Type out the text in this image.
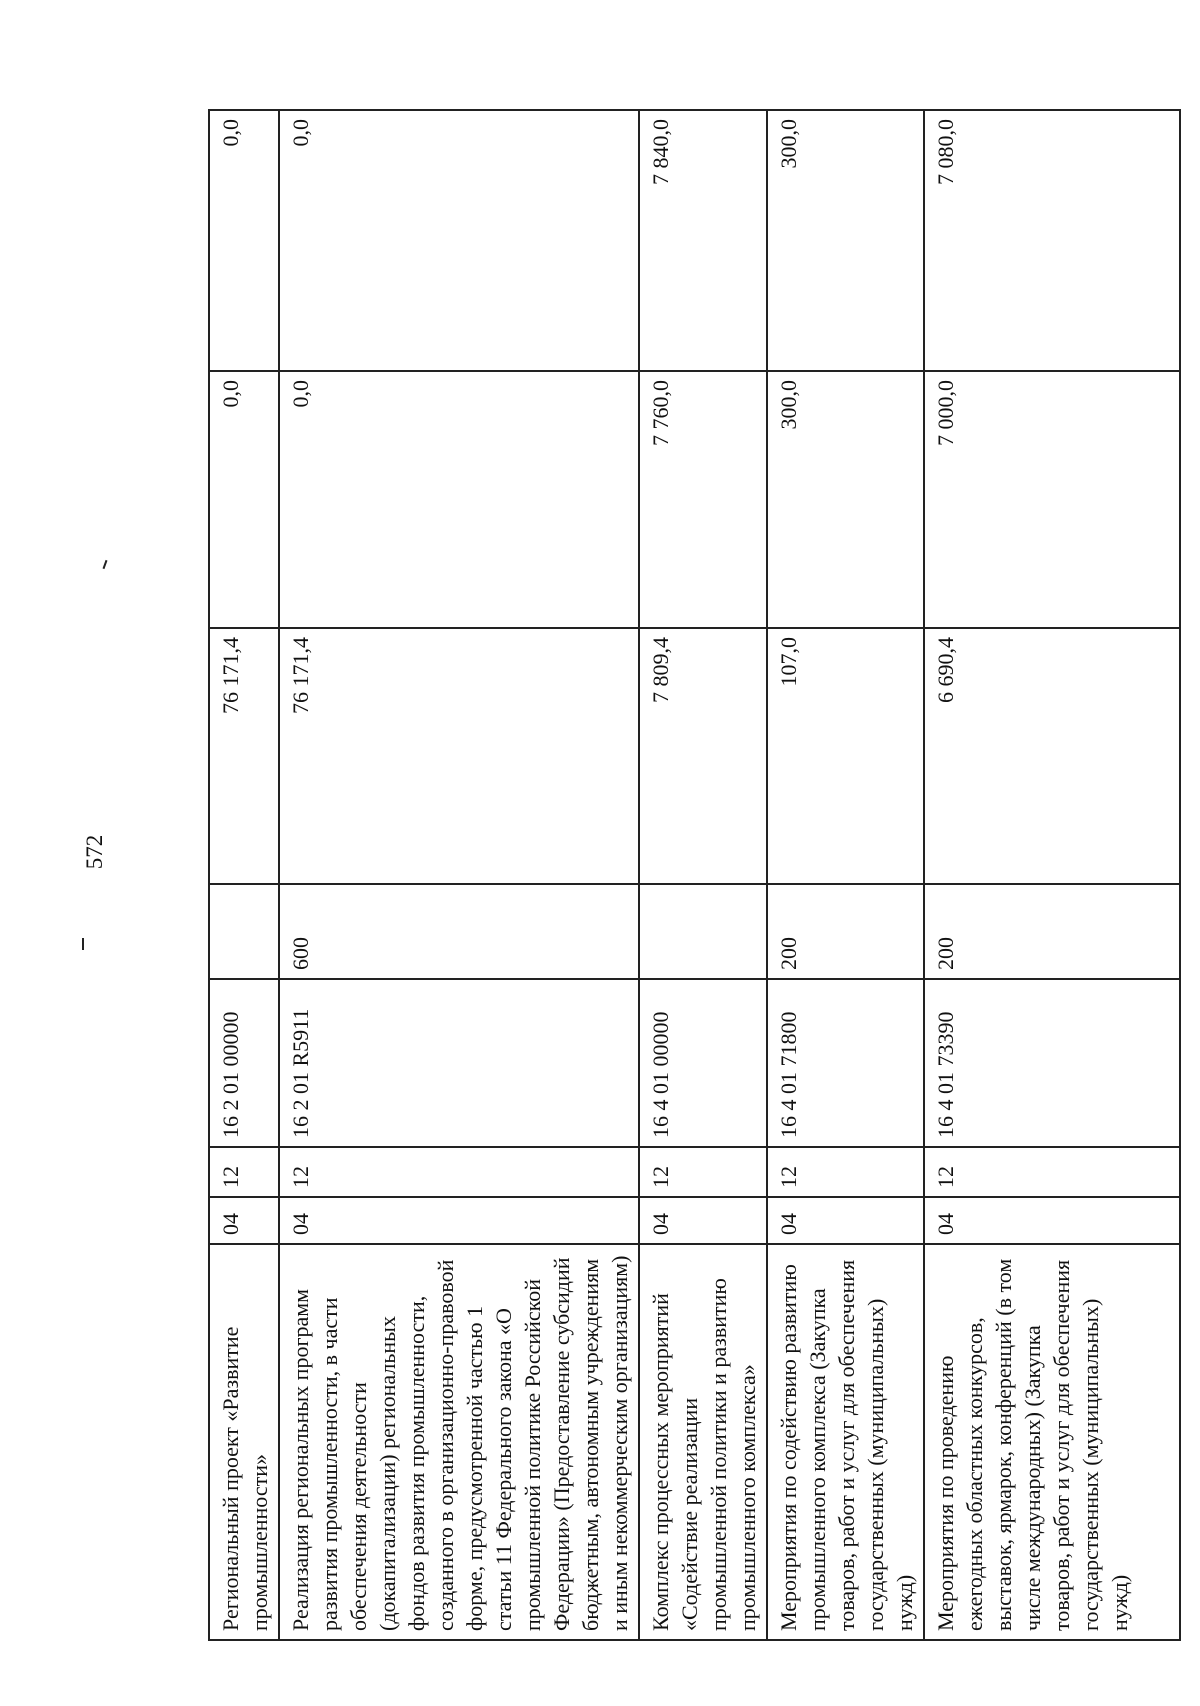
572
Региональный проект «Развитие промышленности»	04	12	16 2 01 00000		76 171,4	0,0	0,0
Реализация региональных программ развития промышленности, в части обеспечения деятельности (докапитализации) региональных фондов развития промышленности, созданного в организационно-правовой форме, предусмотренной частью 1 статьи 11 Федерального закона «О промышленной политике Российской Федерации» (Предоставление субсидий бюджетным, автономным учреждениям и иным некоммерческим организациям)	04	12	16 2 01 R5911	600	76 171,4	0,0	0,0
Комплекс процессных мероприятий «Содействие реализации промышленной политики и развитию промышленного комплекса»	04	12	16 4 01 00000		7 809,4	7 760,0	7 840,0
Мероприятия по содействию развитию промышленного комплекса (Закупка товаров, работ и услуг для обеспечения государственных (муниципальных) нужд)	04	12	16 4 01 71800	200	107,0	300,0	300,0
Мероприятия по проведению ежегодных областных конкурсов, выставок, ярмарок, конференций (в том числе международных) (Закупка товаров, работ и услуг для обеспечения государственных (муниципальных) нужд)	04	12	16 4 01 73390	200	6 690,4	7 000,0	7 080,0
